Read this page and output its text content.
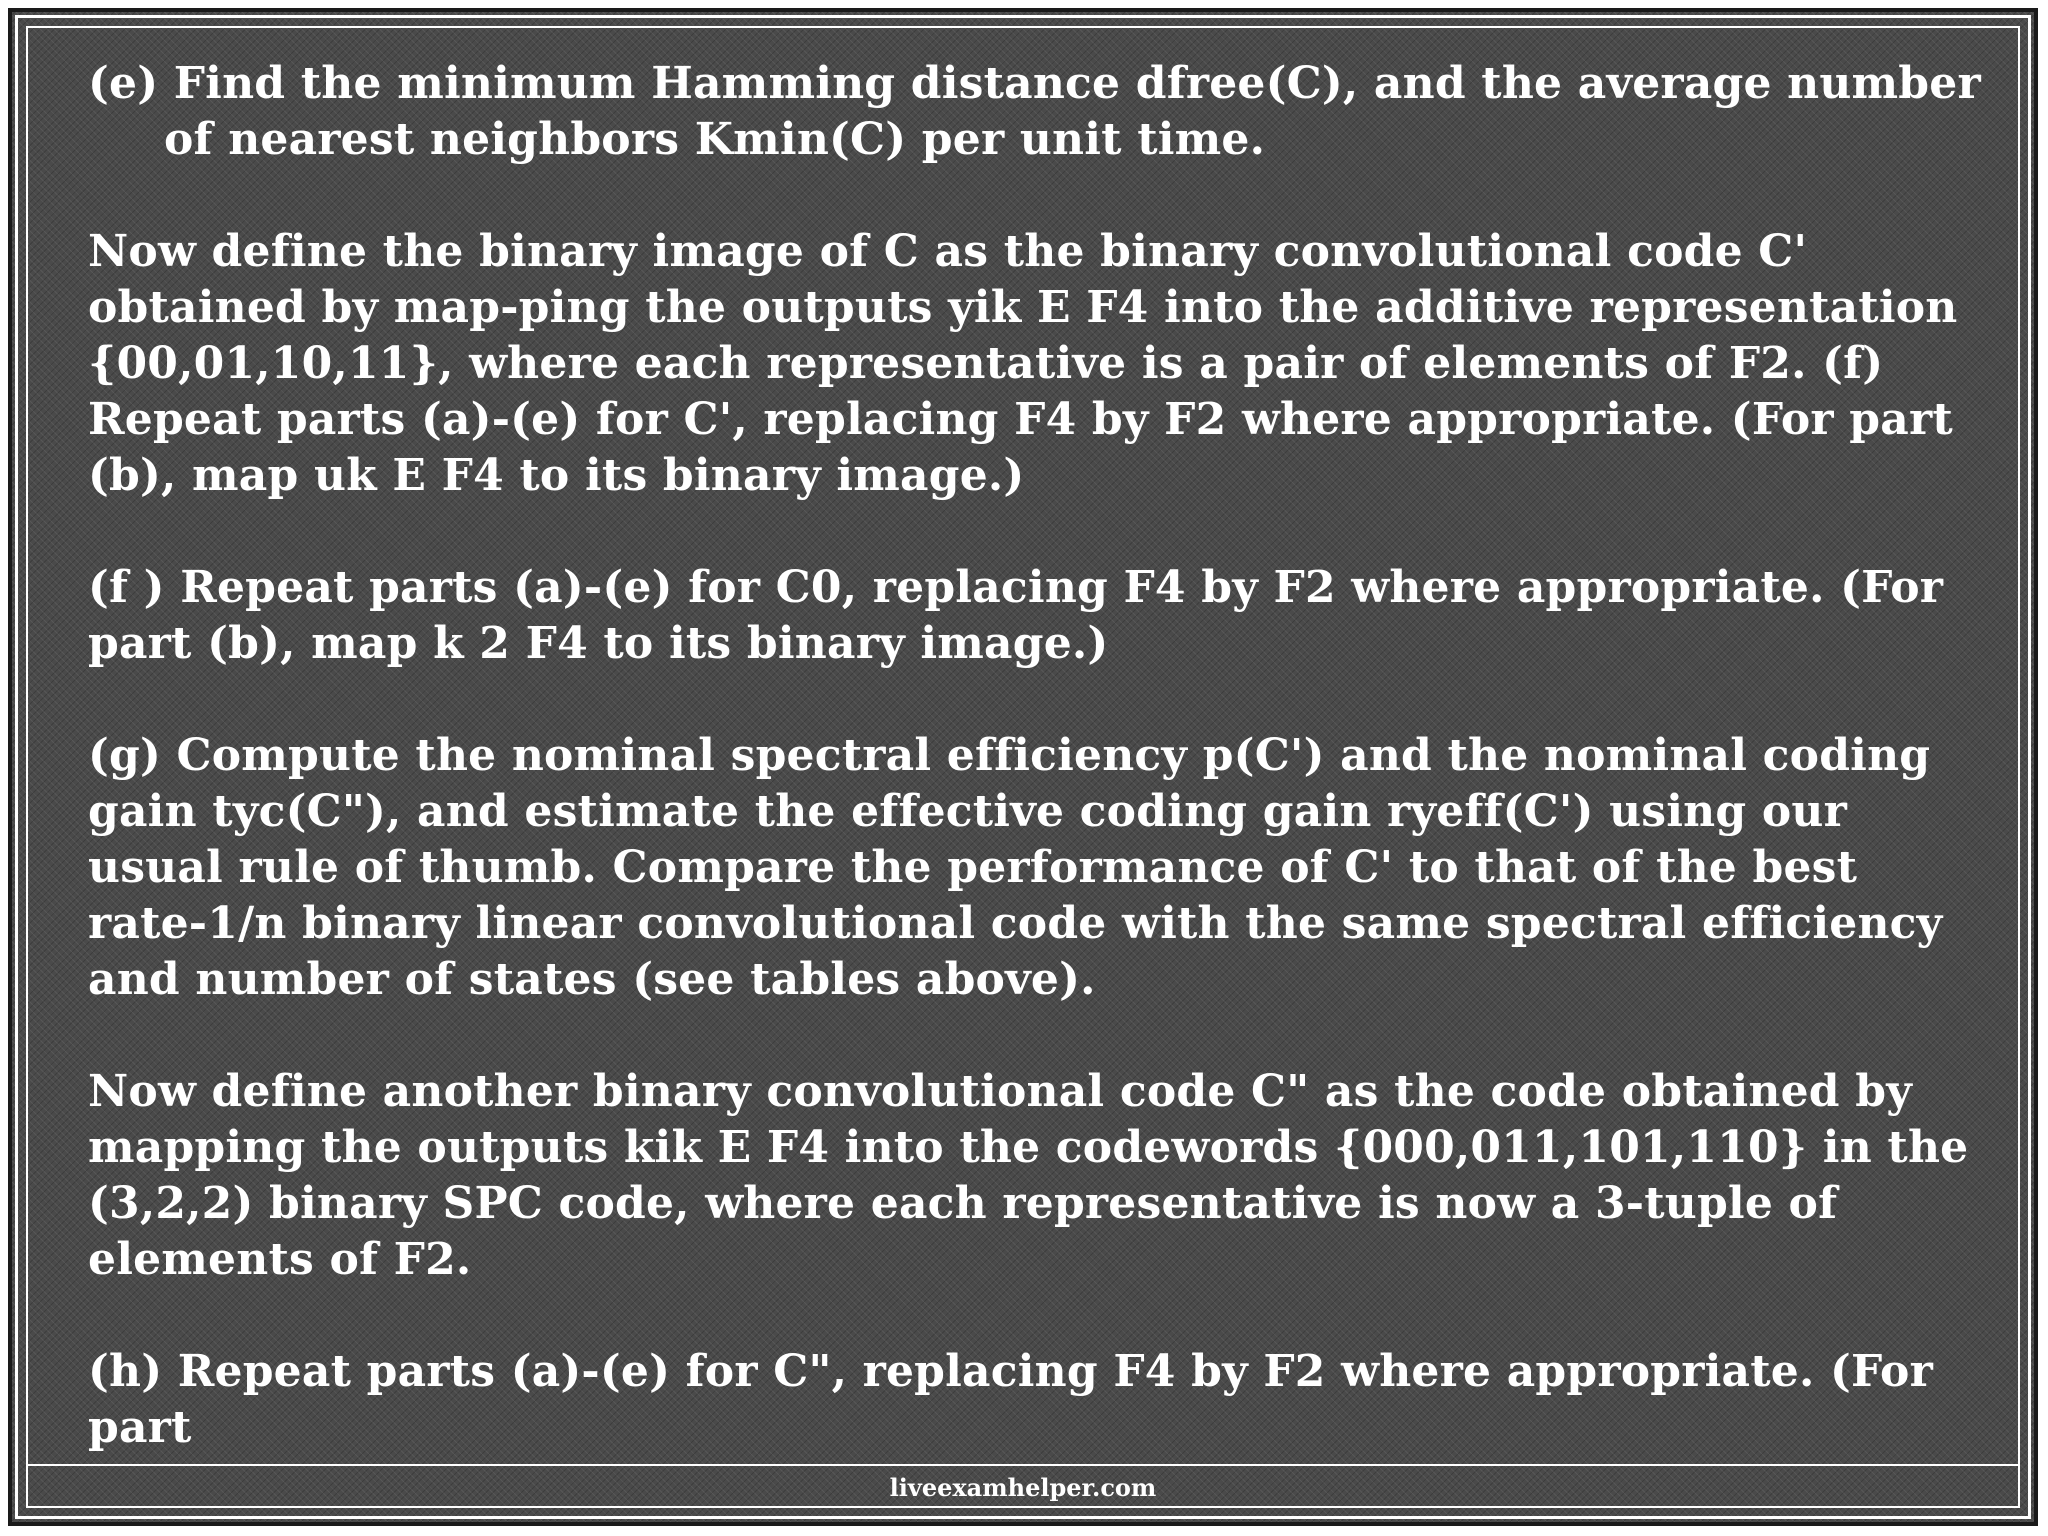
(e) Find the minimum Hamming distance dfree(C), and the average number of nearest neighbors Kmin(C) per unit time.

Now define the binary image of C as the binary convolutional code C' obtained by map-ping the outputs yik E F4 into the additive representation {00,01,10,11}, where each representative is a pair of elements of F2. (f) Repeat parts (a)-(e) for C', replacing F4 by F2 where appropriate. (For part (b), map uk E F4 to its binary image.)

(f ) Repeat parts (a)-(e) for C0, replacing F4 by F2 where appropriate. (For part (b), map k 2 F4 to its binary image.)

(g) Compute the nominal spectral efficiency p(C') and the nominal coding gain tyc(C"), and estimate the effective coding gain ryeff(C') using our usual rule of thumb. Compare the performance of C' to that of the best rate-1/n binary linear convolutional code with the same spectral efficiency and number of states (see tables above).

Now define another binary convolutional code C" as the code obtained by mapping the outputs kik E F4 into the codewords {000,011,101,110} in the (3,2,2) binary SPC code, where each representative is now a 3-tuple of elements of F2.

(h) Repeat parts (a)-(e) for C", replacing F4 by F2 where appropriate. (For part

liveexamhelper.com
